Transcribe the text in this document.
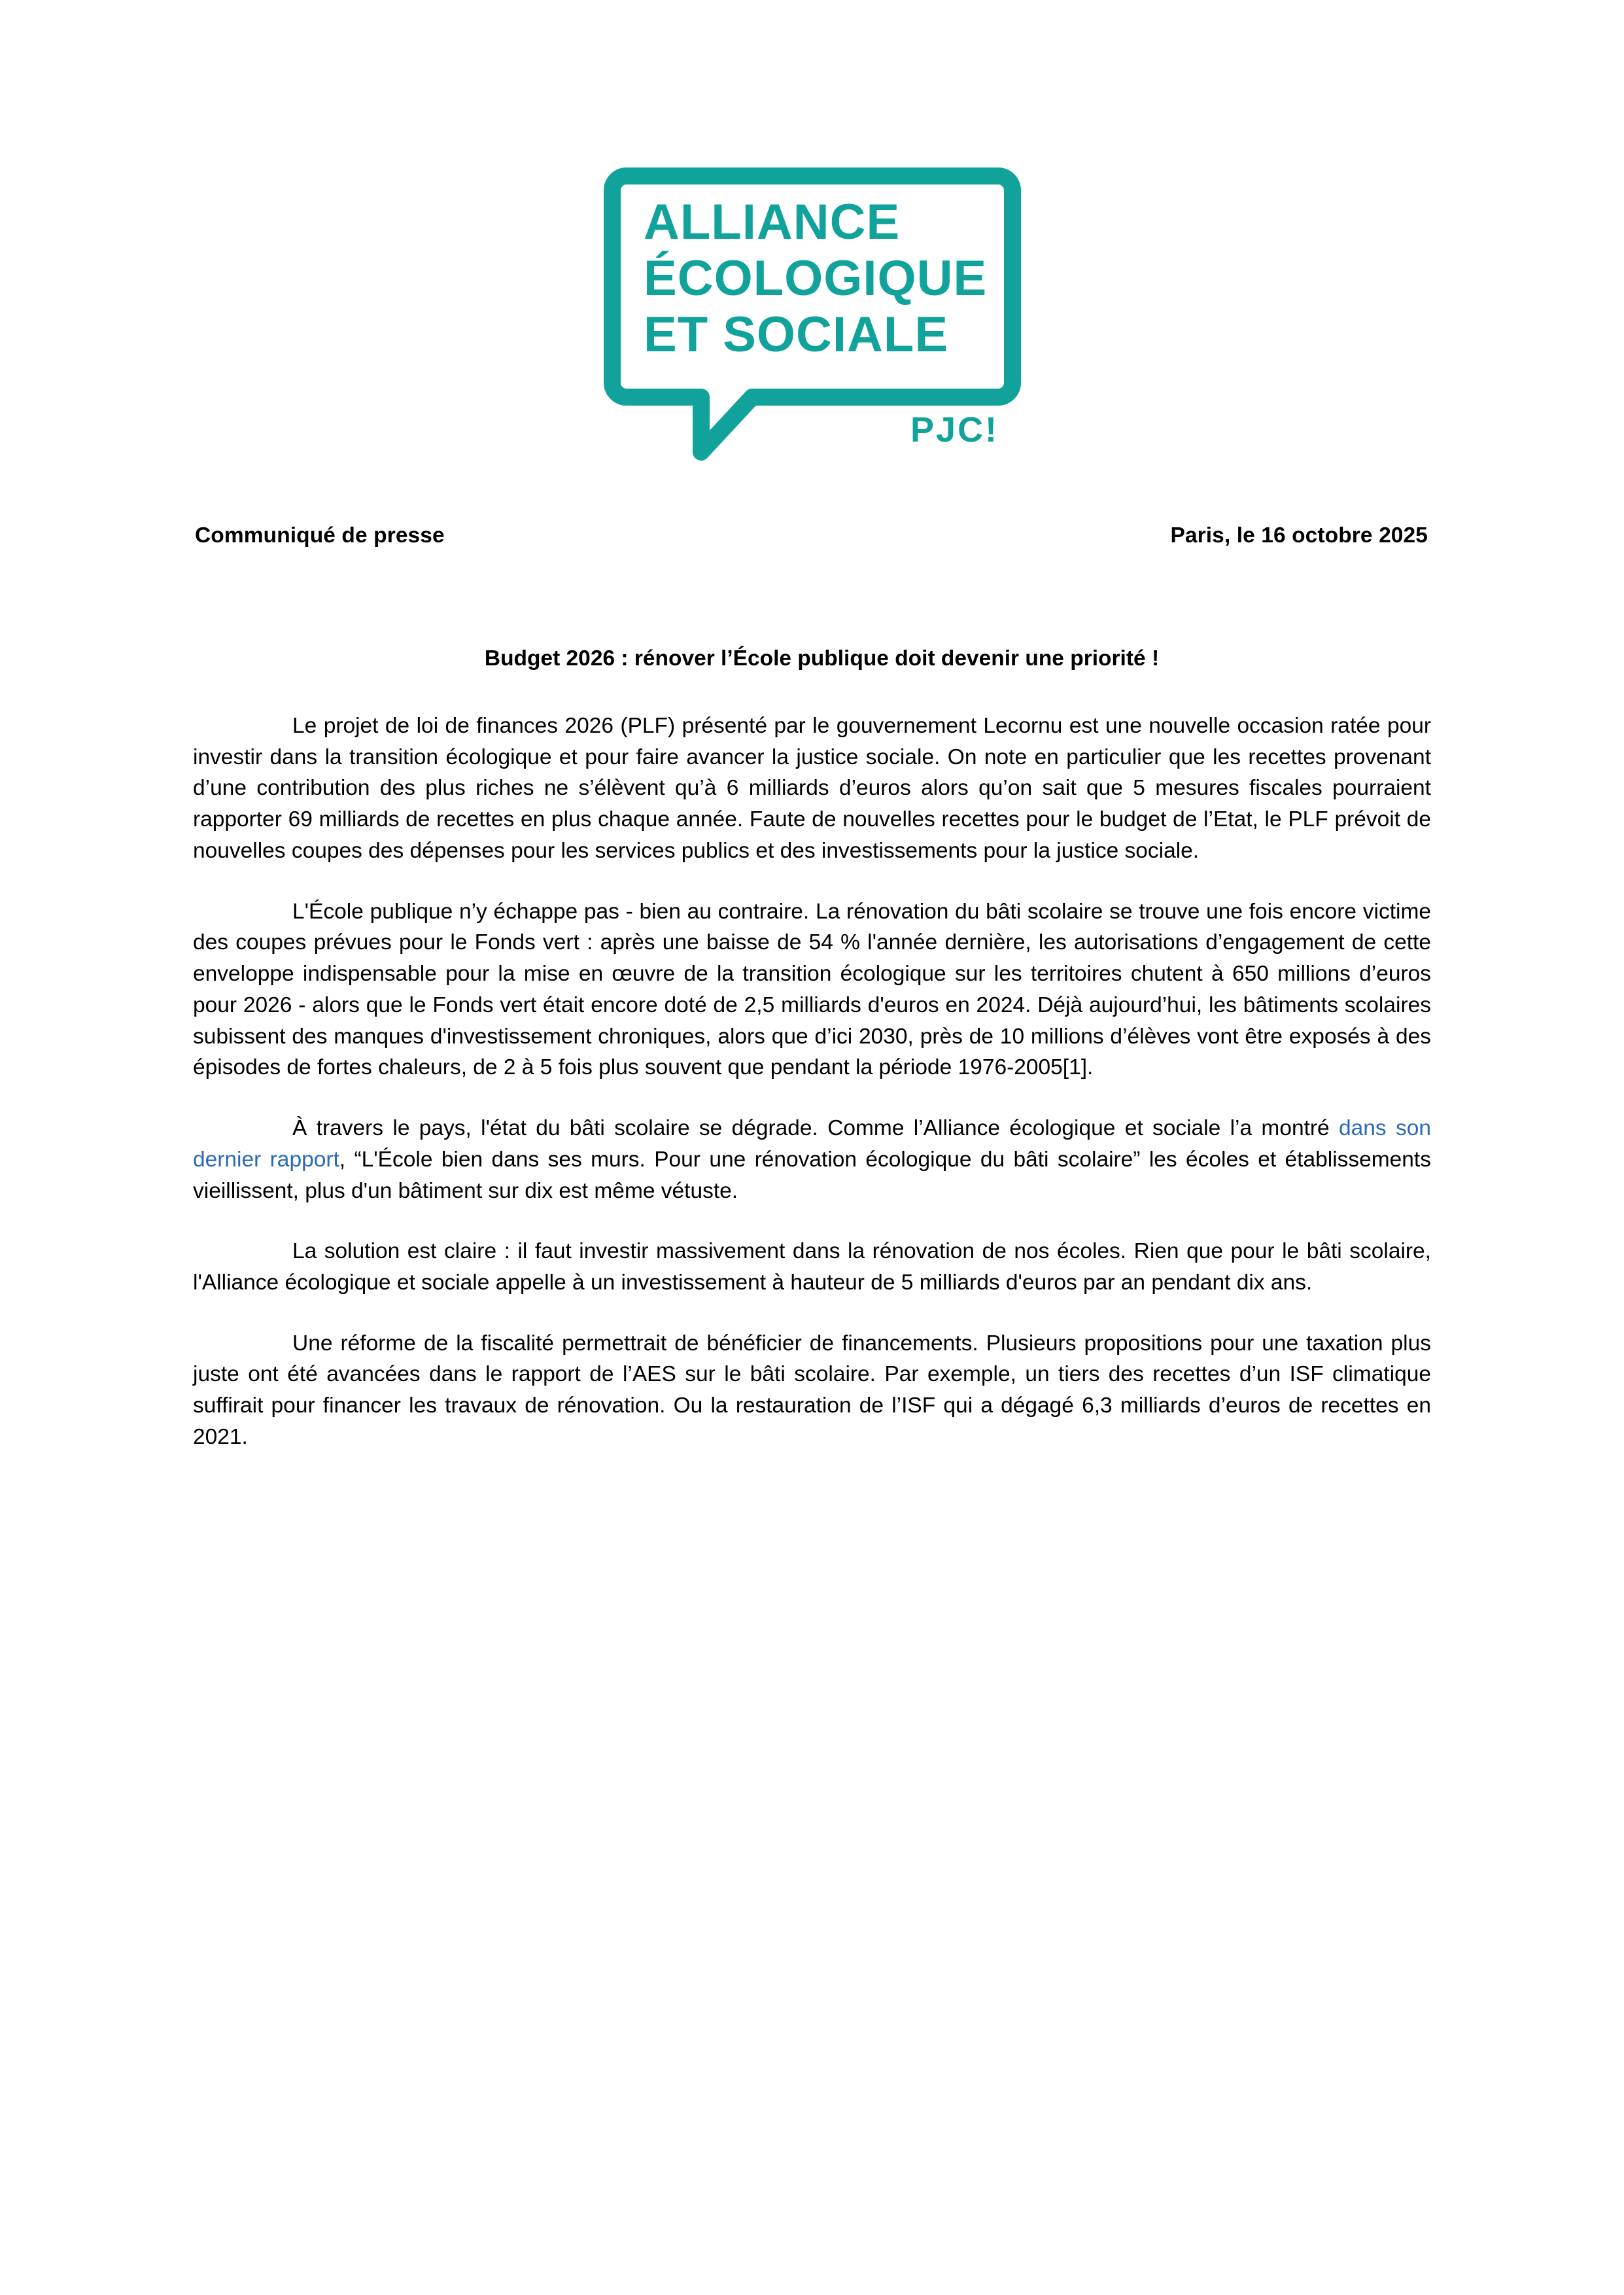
ALLIANCE
ÉCOLOGIQUE
ET SOCIALE
PJC!
Communiqué de presse	Paris, le 16 octobre 2025
Budget 2026 : rénover l’École publique doit devenir une priorité !

Le projet de loi de finances 2026 (PLF) présenté par le gouvernement Lecornu est une nouvelle occasion ratée pour investir dans la transition écologique et pour faire avancer la justice sociale. On note en particulier que les recettes provenant d’une contribution des plus riches ne s’élèvent qu’à 6 milliards d’euros alors qu’on sait que 5 mesures fiscales pourraient rapporter 69 milliards de recettes en plus chaque année. Faute de nouvelles recettes pour le budget de l’Etat, le PLF prévoit de nouvelles coupes des dépenses pour les services publics et des investissements pour la justice sociale.

L'École publique n’y échappe pas - bien au contraire. La rénovation du bâti scolaire se trouve une fois encore victime des coupes prévues pour le Fonds vert : après une baisse de 54 % l'année dernière, les autorisations d’engagement de cette enveloppe indispensable pour la mise en œuvre de la transition écologique sur les territoires chutent à 650 millions d’euros pour 2026 - alors que le Fonds vert était encore doté de 2,5 milliards d'euros en 2024. Déjà aujourd’hui, les bâtiments scolaires subissent des manques d'investissement chroniques, alors que d’ici 2030, près de 10 millions d’élèves vont être exposés à des épisodes de fortes chaleurs, de 2 à 5 fois plus souvent que pendant la période 1976-2005[1].

À travers le pays, l'état du bâti scolaire se dégrade. Comme l’Alliance écologique et sociale l’a montré dans son dernier rapport, “L'École bien dans ses murs. Pour une rénovation écologique du bâti scolaire” les écoles et établissements vieillissent, plus d'un bâtiment sur dix est même vétuste.

La solution est claire : il faut investir massivement dans la rénovation de nos écoles. Rien que pour le bâti scolaire, l'Alliance écologique et sociale appelle à un investissement à hauteur de 5 milliards d'euros par an pendant dix ans.

Une réforme de la fiscalité permettrait de bénéficier de financements. Plusieurs propositions pour une taxation plus juste ont été avancées dans le rapport de l’AES sur le bâti scolaire. Par exemple, un tiers des recettes d’un ISF climatique suffirait pour financer les travaux de rénovation. Ou la restauration de l’ISF qui a dégagé 6,3 milliards d’euros de recettes en 2021.
